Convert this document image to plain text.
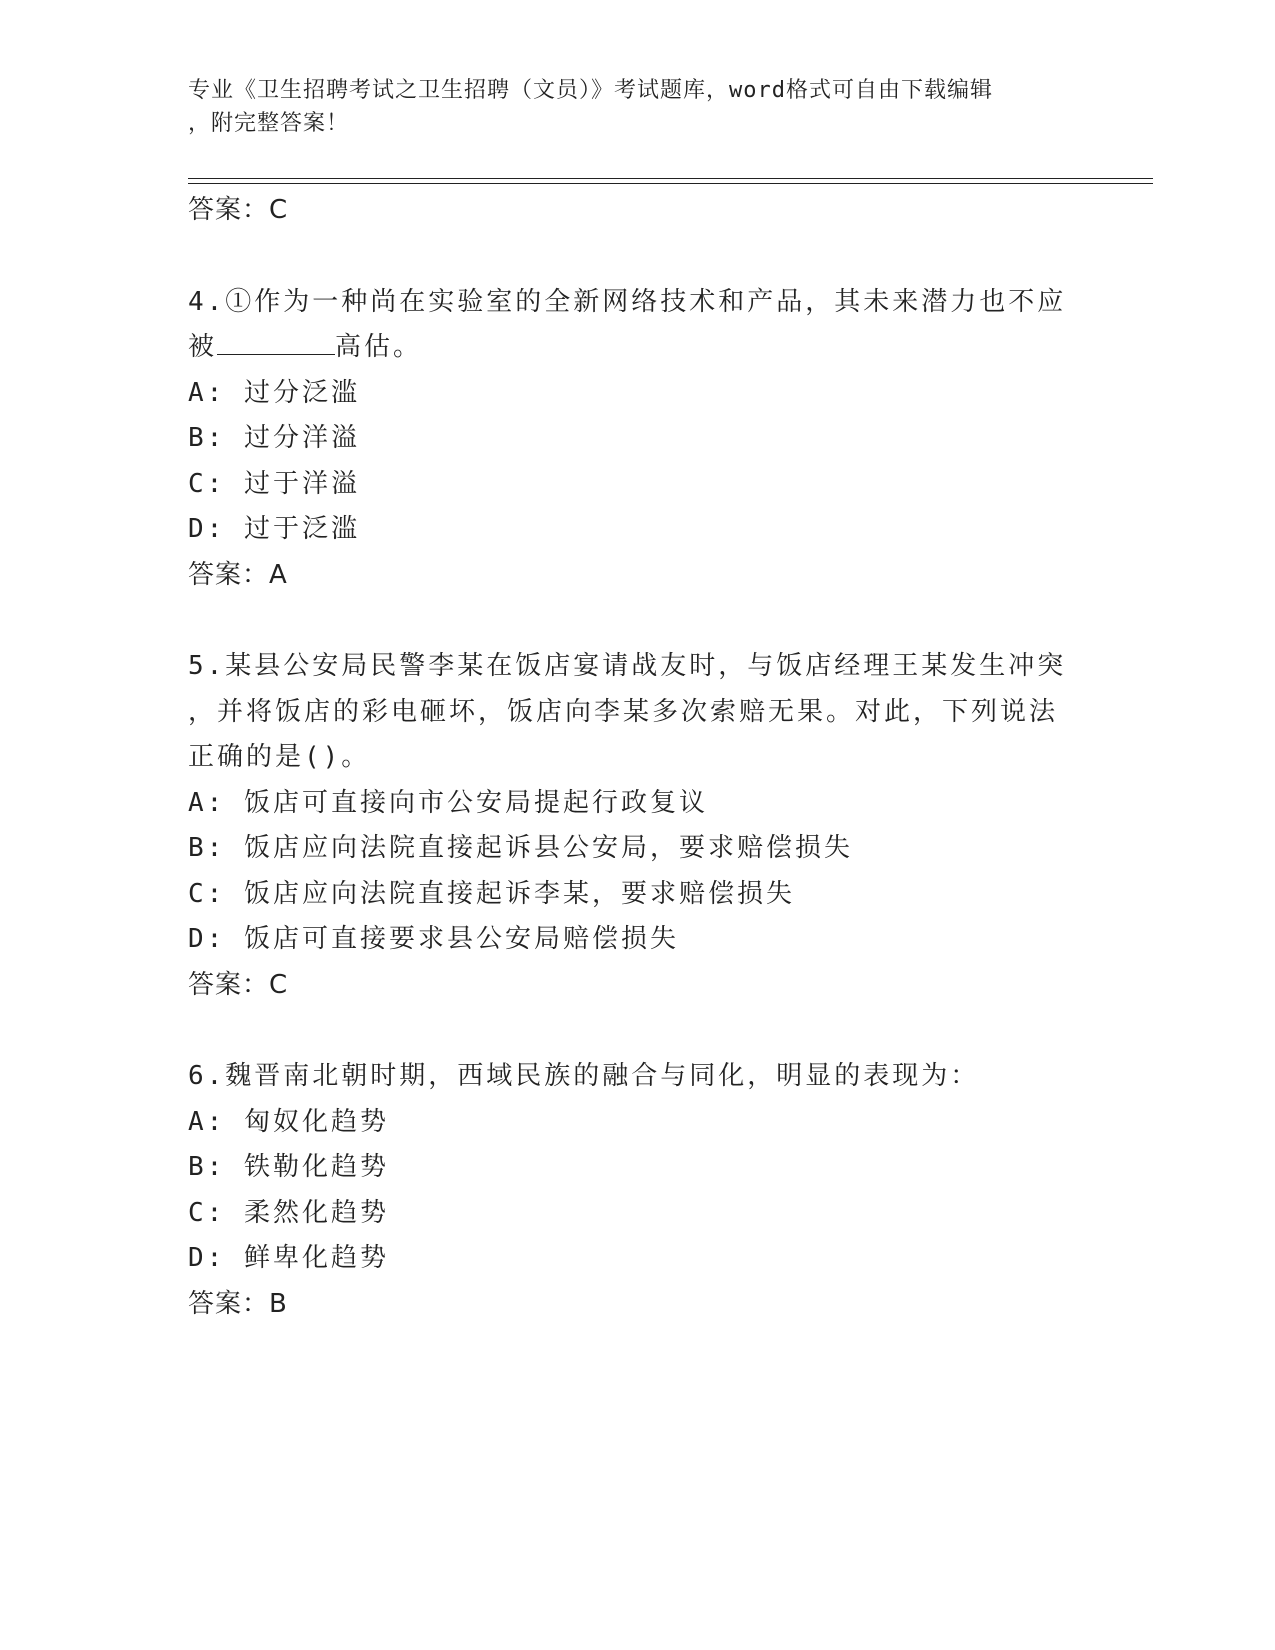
专业《卫生招聘考试之卫生招聘（文员）》考试题库，word格式可自由下载编辑
，附完整答案！
答案：C
4.①作为一种尚在实验室的全新网络技术和产品，其未来潜力也不应
被	高估。
A: 过分泛滥
B: 过分洋溢
C: 过于洋溢
D: 过于泛滥
答案：A
5.某县公安局民警李某在饭店宴请战友时，与饭店经理王某发生冲突
，并将饭店的彩电砸坏，饭店向李某多次索赔无果。对此，下列说法
正确的是()。
A: 饭店可直接向市公安局提起行政复议
B: 饭店应向法院直接起诉县公安局，要求赔偿损失
C: 饭店应向法院直接起诉李某，要求赔偿损失
D: 饭店可直接要求县公安局赔偿损失
答案：C
6.魏晋南北朝时期，西域民族的融合与同化，明显的表现为：
A: 匈奴化趋势
B: 铁勒化趋势
C: 柔然化趋势
D: 鲜卑化趋势
答案：B
